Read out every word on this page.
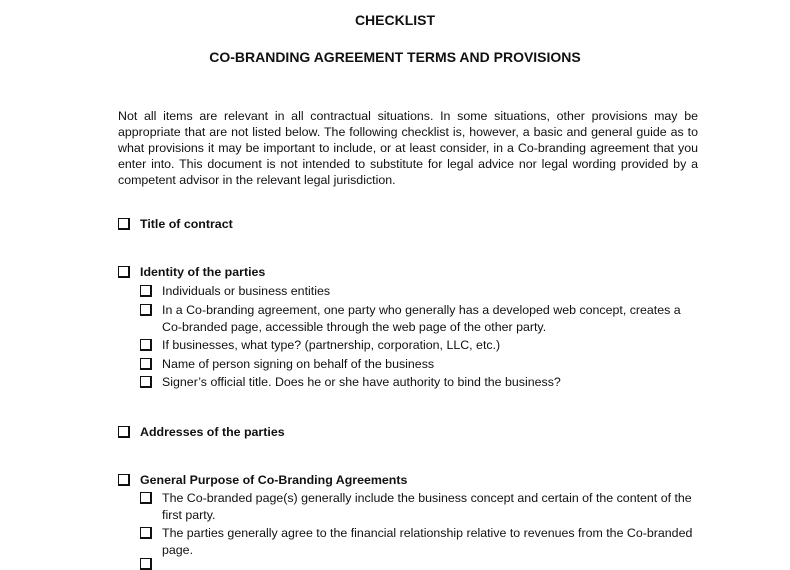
CHECKLIST
CO-BRANDING AGREEMENT TERMS AND PROVISIONS
Not all items are relevant in all contractual situations. In some situations, other provisions may be appropriate that are not listed below. The following checklist is, however, a basic and general guide as to what provisions it may be important to include, or at least consider, in a Co-branding agreement that you enter into. This document is not intended to substitute for legal advice nor legal wording provided by a competent advisor in the relevant legal jurisdiction.
Title of contract
Identity of the parties
Individuals or business entities
In a Co-branding agreement, one party who generally has a developed web concept, creates a Co-branded page, accessible through the web page of the other party.
If businesses, what type? (partnership, corporation, LLC, etc.)
Name of person signing on behalf of the business
Signer’s official title. Does he or she have authority to bind the business?
Addresses of the parties
General Purpose of Co-Branding Agreements
The Co-branded page(s) generally include the business concept and certain of the content of the first party.
The parties generally agree to the financial relationship relative to revenues from the Co-branded page.
